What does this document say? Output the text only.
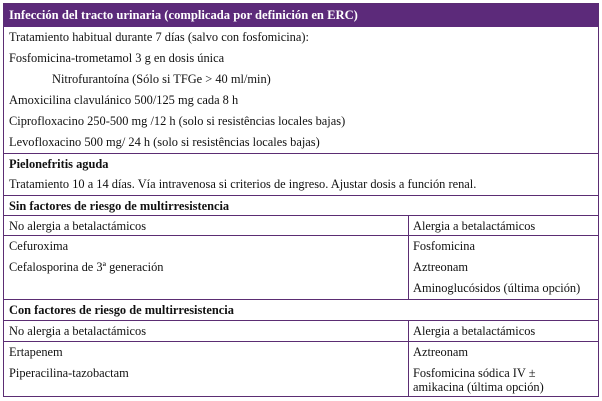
Infección del tracto urinaria (complicada por definición en ERC)
Tratamiento habitual durante 7 días (salvo con fosfomicina):
Fosfomicina-trometamol 3 g en dosis única
Nitrofurantoína (Sólo si TFGe > 40 ml/min)
Amoxicilina clavulánico 500/125 mg cada 8 h
Ciprofloxacino 250-500 mg /12 h (solo si resistências locales bajas)
Levofloxacino 500 mg/ 24 h (solo si resistências locales bajas)
Pielonefritis aguda
Tratamiento 10 a 14 días. Vía intravenosa si criterios de ingreso. Ajustar dosis a función renal.
Sin factores de riesgo de multirresistencia
No alergia a betalactámicos	Alergia a betalactámicos
Cefuroxima
Cefalosporina de 3ª generación
Fosfomicina
Aztreonam
Aminoglucósidos (última opción)
Con factores de riesgo de multirresistencia
No alergia a betalactámicos	Alergia a betalactámicos
Ertapenem
Piperacilina-tazobactam
Aztreonam
Fosfomicina sódica IV ±
amikacina (última opción)
